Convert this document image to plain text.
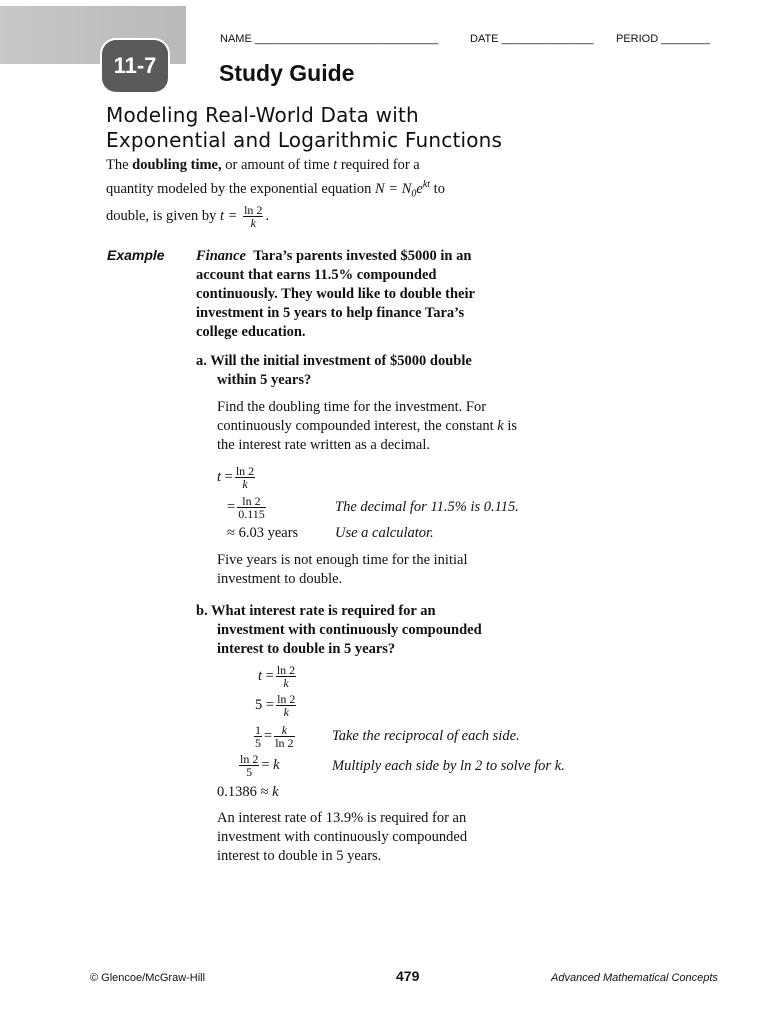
11-7
NAME ______________________________	DATE _______________ PERIOD ________
Study Guide
Modeling Real-World Data with
Exponential and Logarithmic Functions
The doubling time, or amount of time t required for a
quantity modeled by the exponential equation $N = N_0e^{kt}$ to
double, is given by $t = \frac{\ln 2}{k}$ .
Example Finance Tara’s parents invested $5000 in an
account that earns 11.5% compounded
continuously. They would like to double their
investment in 5 years to help finance Tara’s
college education.
a. Will the initial investment of $5000 double
within 5 years?
Find the doubling time for the investment. For
continuously compounded interest, the constant k is
the interest rate written as a decimal.
$t = \frac{\ln 2}{k}$
= $\frac{\ln 2}{0.115}$	The decimal for 11.5% is 0.115.
≈ 6.03 years	Use a calculator.
Five years is not enough time for the initial
investment to double.
b. What interest rate is required for an
investment with continuously compounded
interest to double in 5 years?
$t = \frac{\ln 2}{k}$
$5 = \frac{\ln 2}{k}$
$\frac{1}{5} = \frac{k}{\ln 2}$	Take the reciprocal of each side.
$\frac{\ln 2}{5} = k$	Multiply each side by ln 2 to solve for k.
0.1386 ≈ k
An interest rate of 13.9% is required for an
investment with continuously compounded
interest to double in 5 years.
© Glencoe/McGraw-Hill	479	Advanced Mathematical Concepts
